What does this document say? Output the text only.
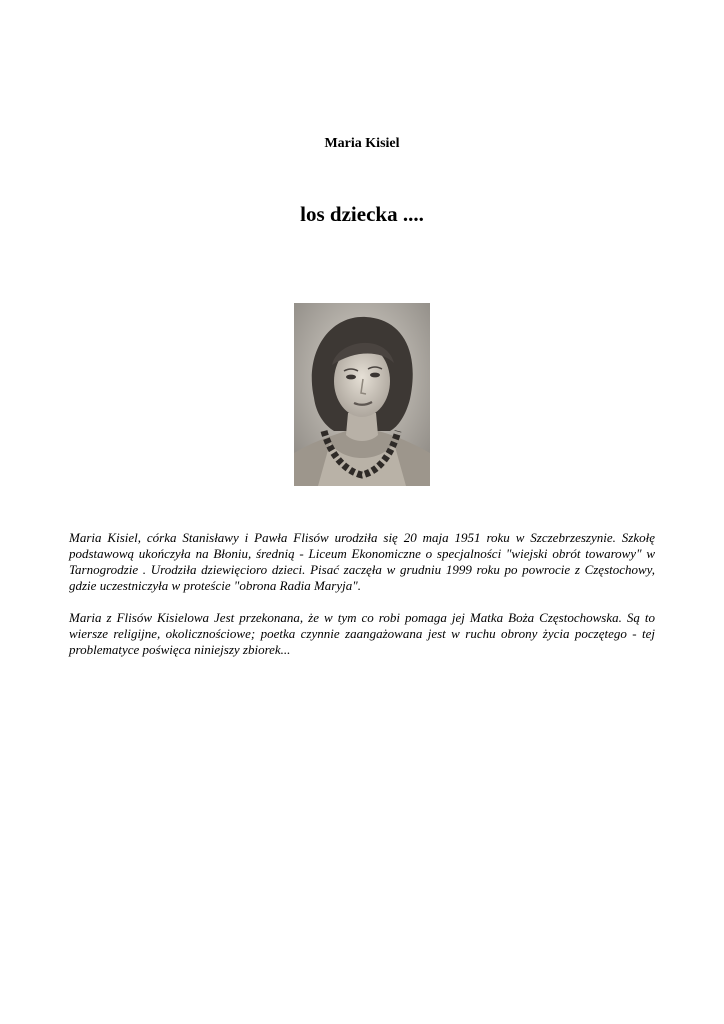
Maria Kisiel
los dziecka ....

Maria Kisiel, córka Stanisławy i Pawła Flisów urodziła się 20 maja 1951 roku w Szczebrzeszynie. Szkołę podstawową ukończyła na Błoniu, średnią - Liceum Ekonomiczne o specjalności "wiejski obrót towarowy" w Tarnogrodzie . Urodziła dziewięcioro dzieci. Pisać zaczęła w grudniu 1999 roku po powrocie z Częstochowy, gdzie uczestniczyła w proteście "obrona Radia Maryja".

Maria z Flisów Kisielowa Jest przekonana, że w tym co robi pomaga jej Matka Boża Częstochowska. Są to wiersze religijne, okolicznościowe; poetka czynnie zaangażowana jest w ruchu obrony życia poczętego - tej problematyce poświęca niniejszy zbiorek...
